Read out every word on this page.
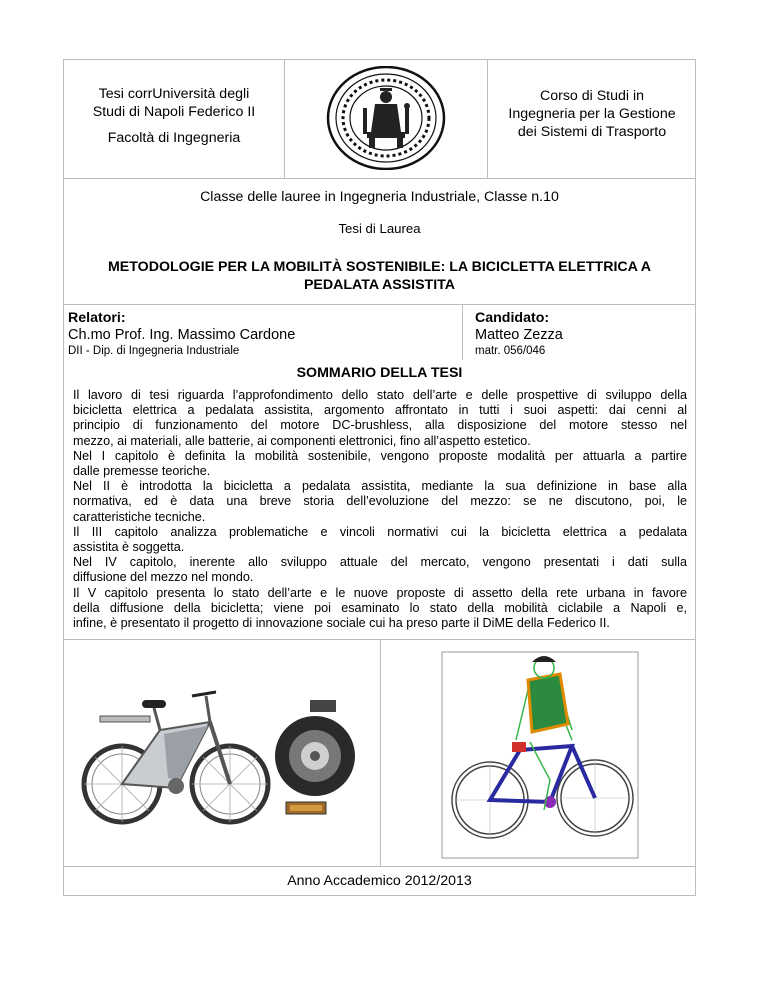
Tesi corrUniversità degli
Studi di Napoli Federico II
Facoltà di Ingegneria
Corso di Studi in
Ingegneria per la Gestione
dei Sistemi di Trasporto
Classe delle lauree in Ingegneria Industriale, Classe n.10
Tesi di Laurea
METODOLOGIE PER LA MOBILITÀ SOSTENIBILE: LA BICICLETTA ELETTRICA A
PEDALATA ASSISTITA
Relatori:
Ch.mo Prof. Ing. Massimo Cardone
DII - Dip. di Ingegneria Industriale
Candidato:
Matteo Zezza
matr. 056/046
SOMMARIO DELLA TESI
Il lavoro di tesi riguarda l’approfondimento dello stato dell’arte e delle prospettive di sviluppo della
bicicletta elettrica a pedalata assistita, argomento affrontato in tutti i suoi aspetti: dai cenni al
principio di funzionamento del motore DC-brushless, alla disposizione del motore stesso nel
mezzo, ai materiali, alle batterie, ai componenti elettronici, fino all’aspetto estetico.
Nel I capitolo è definita la mobilità sostenibile, vengono proposte modalità per attuarla a partire
dalle premesse teoriche.
Nel II è introdotta la bicicletta a pedalata assistita, mediante la sua definizione in base alla
normativa, ed è data una breve storia dell’evoluzione del mezzo: se ne discutono, poi, le
caratteristiche tecniche.
Il III capitolo analizza problematiche e vincoli normativi cui la bicicletta elettrica a pedalata
assistita è soggetta.
Nel IV capitolo, inerente allo sviluppo attuale del mercato, vengono presentati i dati sulla
diffusione del mezzo nel mondo.
Il V capitolo presenta lo stato dell’arte e le nuove proposte di assetto della rete urbana in favore
della diffusione della bicicletta; viene poi esaminato lo stato della mobilità ciclabile a Napoli e,
infine, è presentato il progetto di innovazione sociale cui ha preso parte il DiME della Federico II.
Anno Accademico 2012/2013
